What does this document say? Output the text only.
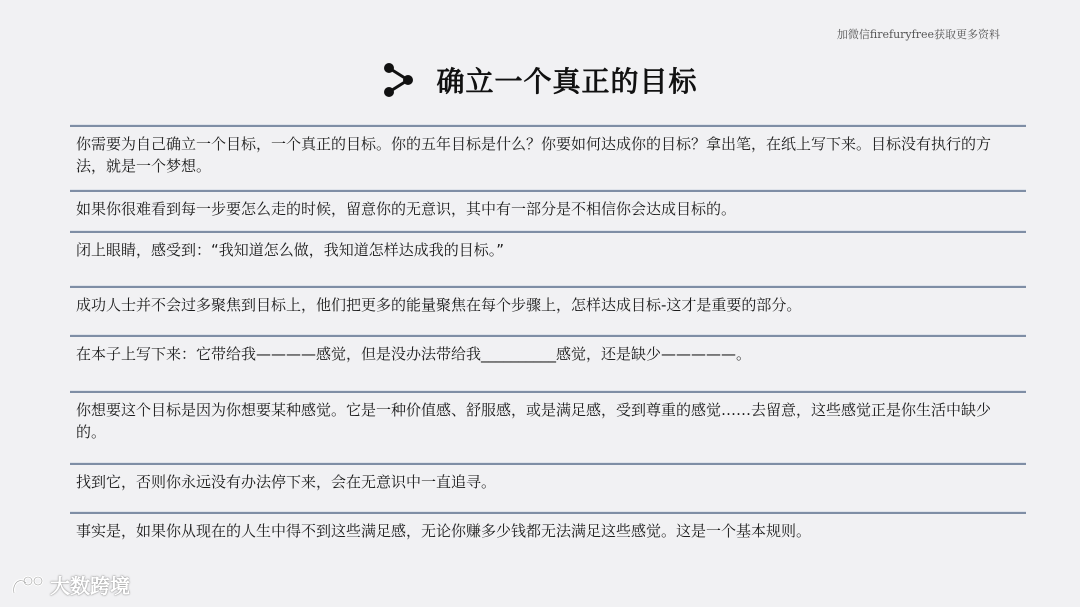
加微信firefuryfree获取更多资料
确立一个真正的目标
你需要为自己确立一个目标，一个真正的目标。你的五年目标是什么？你要如何达成你的目标？拿出笔，在纸上写下来。目标没有执行的方法，就是一个梦想。
如果你很难看到每一步要怎么走的时候，留意你的无意识，其中有一部分是不相信你会达成目标的。
闭上眼睛，感受到：“我知道怎么做，我知道怎样达成我的目标。”
成功人士并不会过多聚焦到目标上，他们把更多的能量聚焦在每个步骤上，怎样达成目标-这才是重要的部分。
在本子上写下来：它带给我————感觉，但是没办法带给我__________感觉，还是缺少—————。
你想要这个目标是因为你想要某种感觉。它是一种价值感、舒服感，或是满足感，受到尊重的感觉……去留意，这些感觉正是你生活中缺少的。
找到它，否则你永远没有办法停下来，会在无意识中一直追寻。
事实是，如果你从现在的人生中得不到这些满足感，无论你赚多少钱都无法满足这些感觉。这是一个基本规则。
大数跨境
